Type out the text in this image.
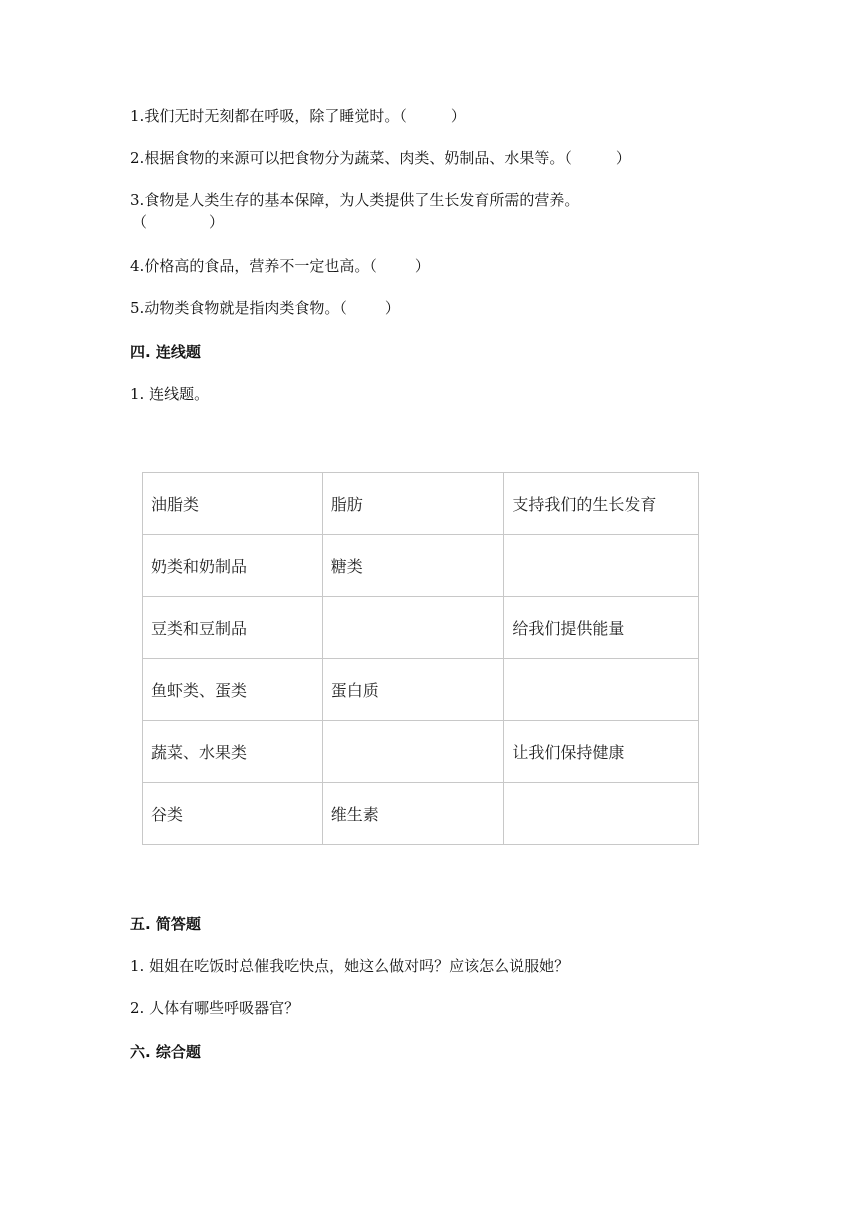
1.我们无时无刻都在呼吸，除了睡觉时。（	）
2.根据食物的来源可以把食物分为蔬菜、肉类、奶制品、水果等。（	）
3.食物是人类生存的基本保障，为人类提供了生长发育所需的营养。
（	）
4.价格高的食品，营养不一定也高。（	）
5.动物类食物就是指肉类食物。（	）
四. 连线题
1. 连线题。
油脂类	脂肪	支持我们的生长发育
奶类和奶制品	糖类	
豆类和豆制品		给我们提供能量
鱼虾类、蛋类	蛋白质	
蔬菜、水果类		让我们保持健康
谷类	维生素	
五. 简答题
1. 姐姐在吃饭时总催我吃快点，她这么做对吗？应该怎么说服她？
2. 人体有哪些呼吸器官？
六. 综合题
